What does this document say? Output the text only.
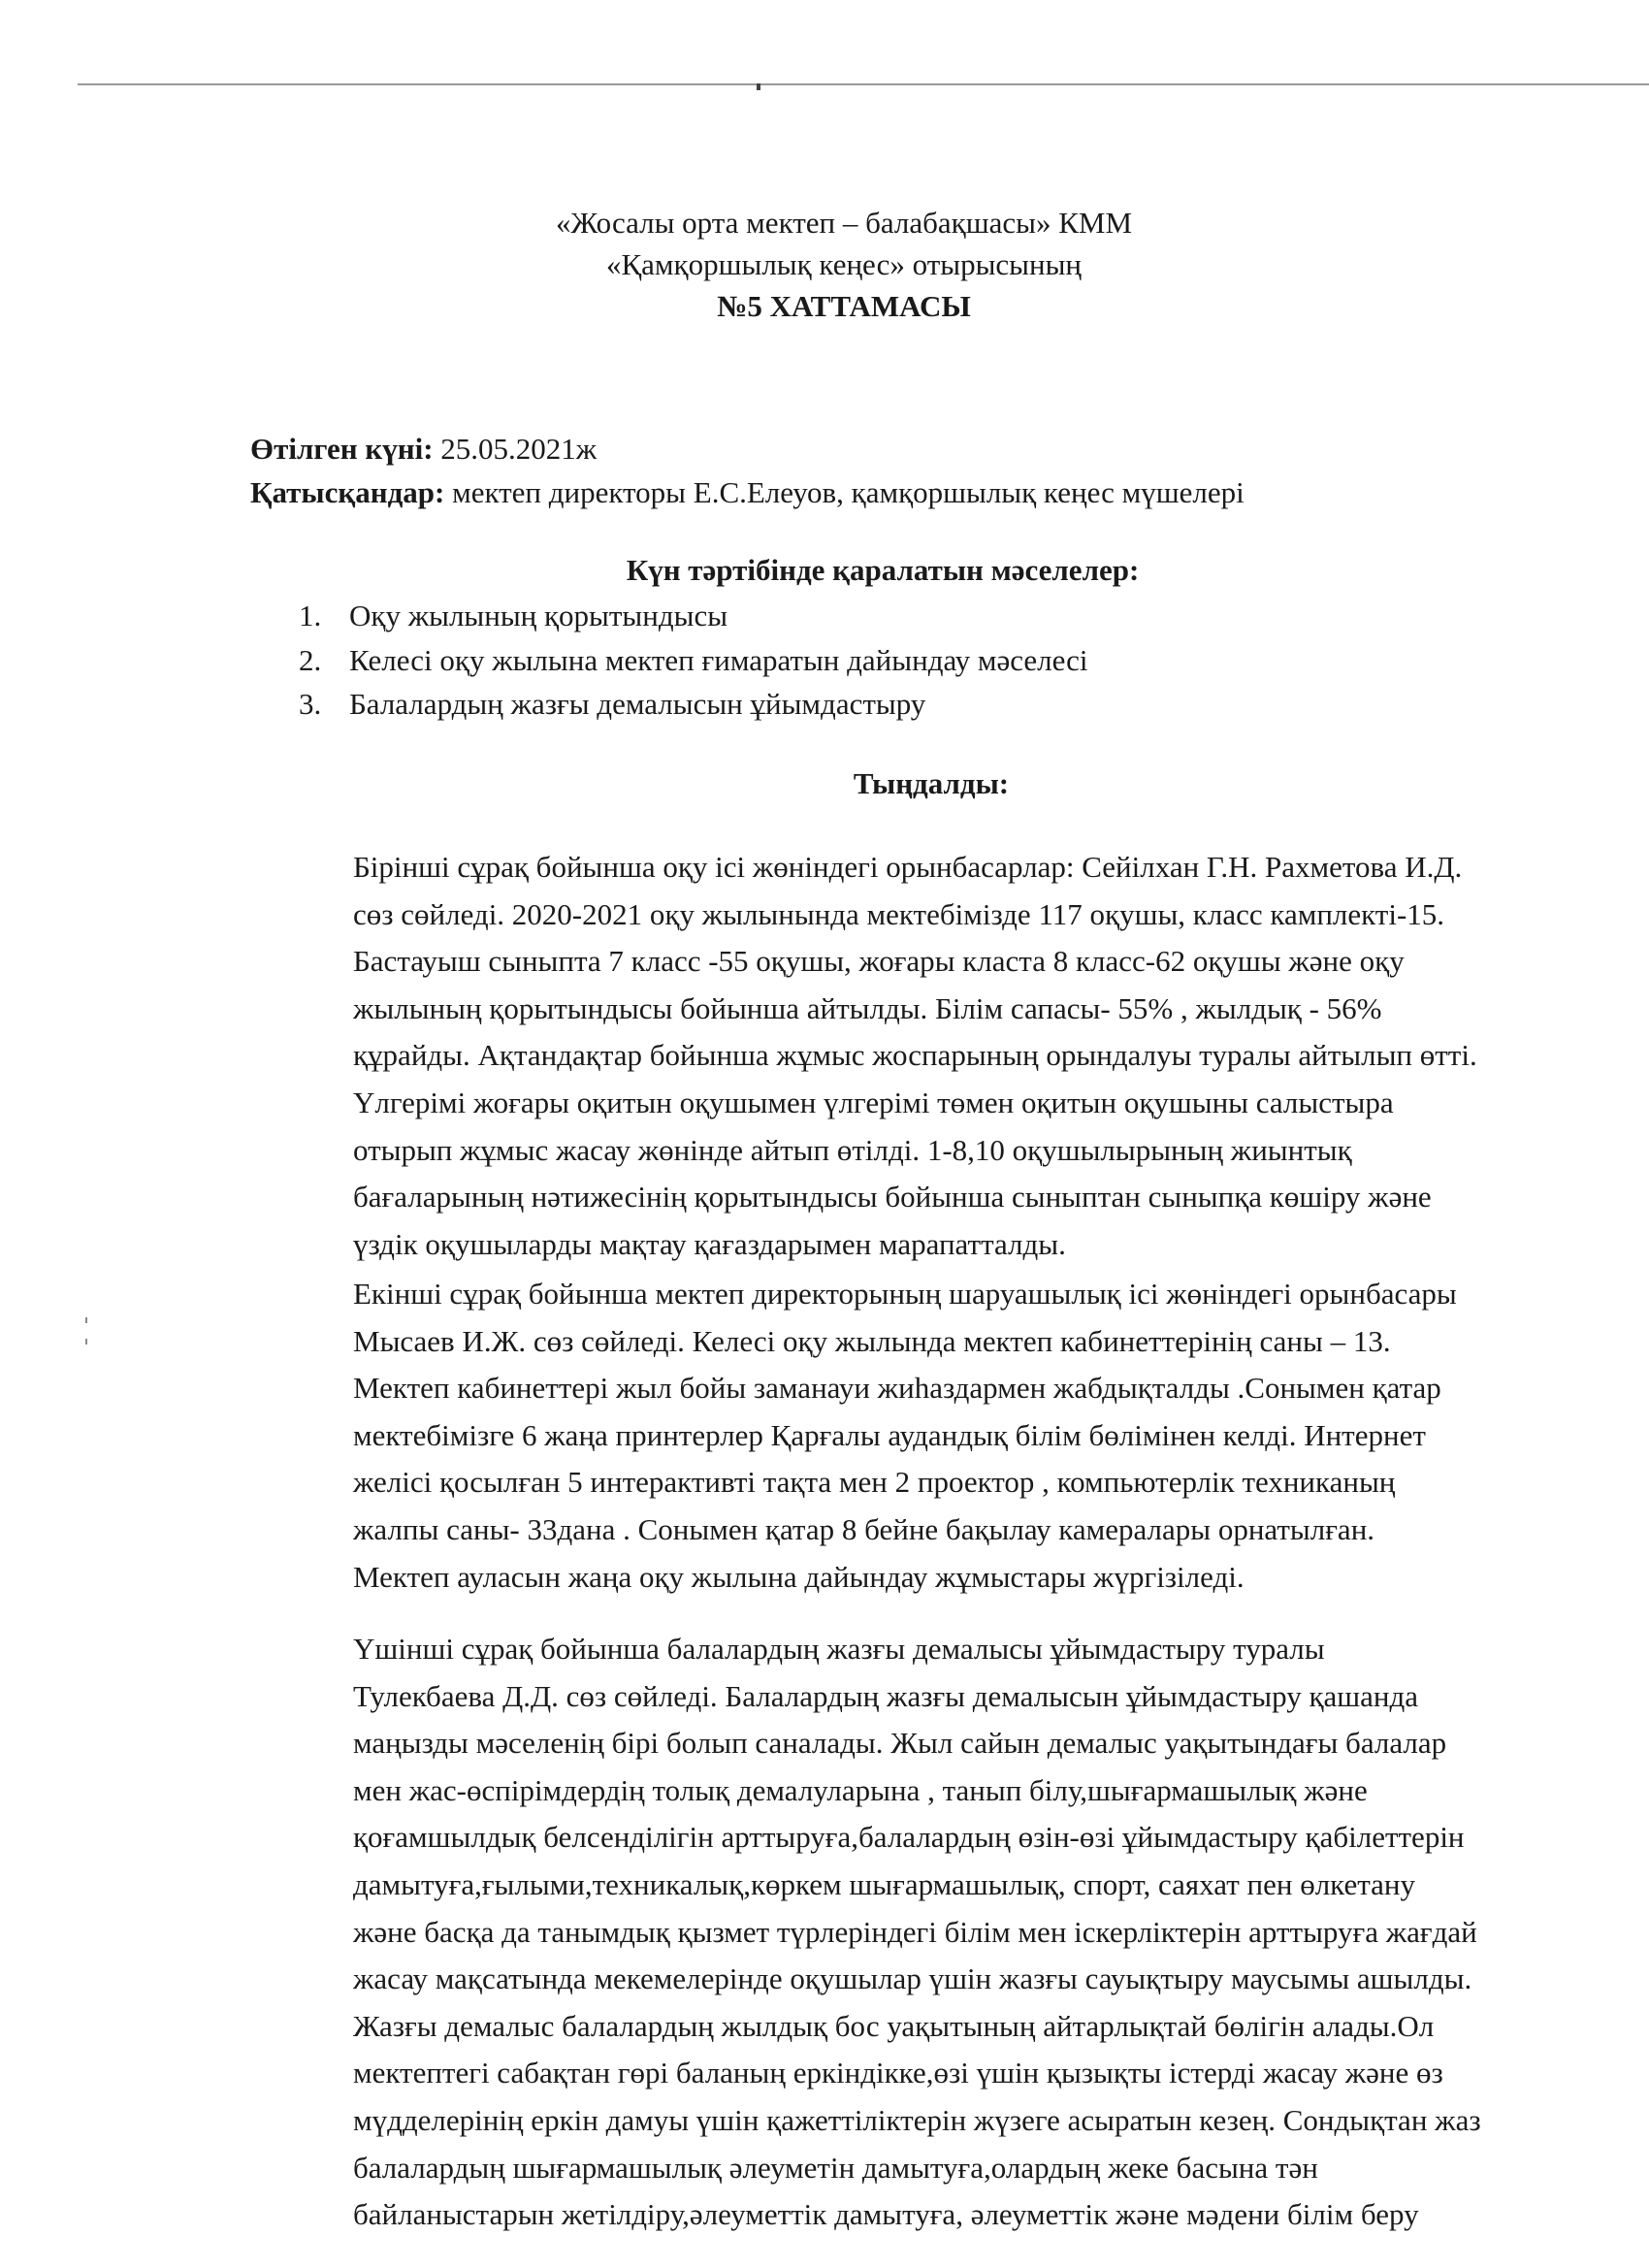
«Жосалы орта мектеп – балабақшасы» КММ
«Қамқоршылық кеңес» отырысының
№5 ХАТТАМАСЫ
Өтілген күні: 25.05.2021ж
Қатысқандар: мектеп директоры Е.С.Елеуов, қамқоршылық кеңес мүшелері
Күн тәртібінде қаралатын мәселелер:
1. Оқу жылының қорытындысы
2. Келесі оқу жылына мектеп ғимаратын дайындау мәселесі
3. Балалардың жазғы демалысын ұйымдастыру
Тыңдалды:
Бірінші сұрақ бойынша оқу ісі жөніндегі орынбасарлар: Сейілхан Г.Н. Рахметова И.Д.
сөз сөйледі. 2020-2021 оқу жылынында мектебімізде 117 оқушы, класс камплекті-15.
Бастауыш сыныпта 7 класс -55 оқушы, жоғары класта 8 класс-62 оқушы және оқу
жылының қорытындысы бойынша айтылды. Білім сапасы- 55% , жылдық - 56%
құрайды. Ақтандақтар бойынша жұмыс жоспарының орындалуы туралы айтылып өтті.
Үлгерімі жоғары оқитын оқушымен үлгерімі төмен оқитын оқушыны салыстыра
отырып жұмыс жасау жөнінде айтып өтілді. 1-8,10 оқушылырының жиынтық
бағаларының нәтижесінің қорытындысы бойынша сыныптан сыныпқа көшіру және
үздік оқушыларды мақтау қағаздарымен марапатталды.
Екінші сұрақ бойынша мектеп директорының шаруашылық ісі жөніндегі орынбасары
Мысаев И.Ж. сөз сөйледі. Келесі оқу жылында мектеп кабинеттерінің саны – 13.
Мектеп кабинеттері жыл бойы заманауи жиһаздармен жабдықталды .Сонымен қатар
мектебімізге 6 жаңа принтерлер Қарғалы аудандық білім бөлімінен келді. Интернет
желісі қосылған 5 интерактивті тақта мен 2 проектор , компьютерлік техниканың
жалпы саны- 33дана . Сонымен қатар 8 бейне бақылау камералары орнатылған.
Мектеп ауласын жаңа оқу жылына дайындау жұмыстары жүргізіледі.
Үшінші сұрақ бойынша балалардың жазғы демалысы ұйымдастыру туралы
Тулекбаева Д.Д. сөз сөйледі. Балалардың жазғы демалысын ұйымдастыру қашанда
маңызды мәселенің бірі болып саналады. Жыл сайын демалыс уақытындағы балалар
мен жас-өспірімдердің толық демалуларына , танып білу,шығармашылық және
қоғамшылдық белсенділігін арттыруға,балалардың өзін-өзі ұйымдастыру қабілеттерін
дамытуға,ғылыми,техникалық,көркем шығармашылық, спорт, саяхат пен өлкетану
және басқа да танымдық қызмет түрлеріндегі білім мен іскерліктерін арттыруға жағдай
жасау мақсатында мекемелерінде оқушылар үшін жазғы сауықтыру маусымы ашылды.
Жазғы демалыс балалардың жылдық бос уақытының айтарлықтай бөлігін алады.Ол
мектептегі сабақтан гөрі баланың еркіндікке,өзі үшін қызықты істерді жасау және өз
мүдделерінің еркін дамуы үшін қажеттіліктерін жүзеге асыратын кезең. Сондықтан жаз
балалардың шығармашылық әлеуметін дамытуға,олардың жеке басына тән
байланыстарын жетілдіру,әлеуметтік дамытуға, әлеуметтік және мәдени білім беру
